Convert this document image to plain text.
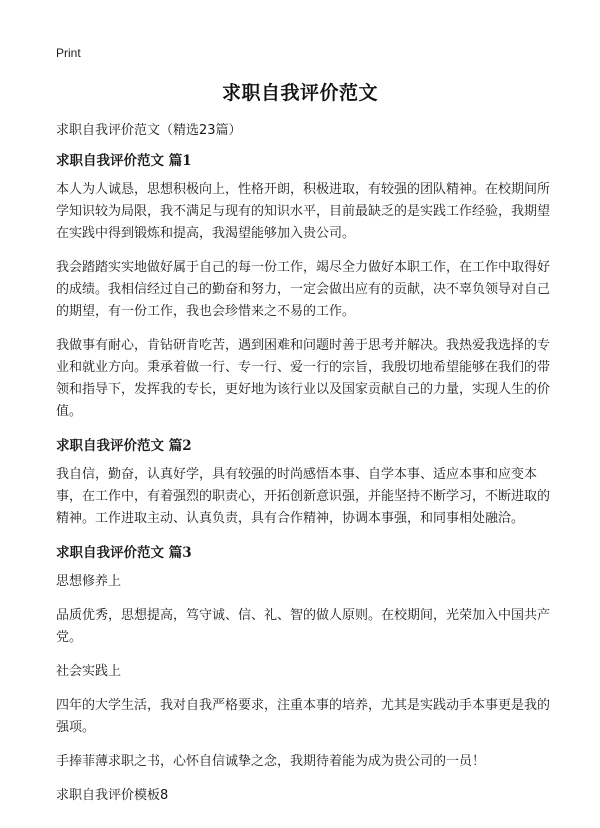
Print
求职自我评价范文

求职自我评价范文（精选23篇）

求职自我评价范文 篇1

本人为人诚恳，思想积极向上，性格开朗，积极进取，有较强的团队精神。在校期间所学知识较为局限，我不满足与现有的知识水平，目前最缺乏的是实践工作经验，我期望在实践中得到锻炼和提高，我渴望能够加入贵公司。

我会踏踏实实地做好属于自己的每一份工作，竭尽全力做好本职工作，在工作中取得好的成绩。我相信经过自己的勤奋和努力，一定会做出应有的贡献，决不辜负领导对自己的期望，有一份工作，我也会珍惜来之不易的工作。

我做事有耐心，肯钻研肯吃苦，遇到困难和问题时善于思考并解决。我热爱我选择的专业和就业方向。秉承着做一行、专一行、爱一行的宗旨，我殷切地希望能够在我们的带领和指导下，发挥我的专长，更好地为该行业以及国家贡献自己的力量，实现人生的价值。

求职自我评价范文 篇2

我自信，勤奋，认真好学，具有较强的时尚感悟本事、自学本事、适应本事和应变本事，在工作中，有着强烈的职责心，开拓创新意识强，并能坚持不断学习，不断进取的精神。工作进取主动、认真负责，具有合作精神，协调本事强，和同事相处融洽。

求职自我评价范文 篇3

思想修养上

品质优秀，思想提高，笃守诚、信、礼、智的做人原则。在校期间，光荣加入中国共产党。

社会实践上

四年的大学生活，我对自我严格要求，注重本事的培养，尤其是实践动手本事更是我的强项。

手捧菲薄求职之书，心怀自信诚挚之念，我期待着能为成为贵公司的一员！

求职自我评价模板8
